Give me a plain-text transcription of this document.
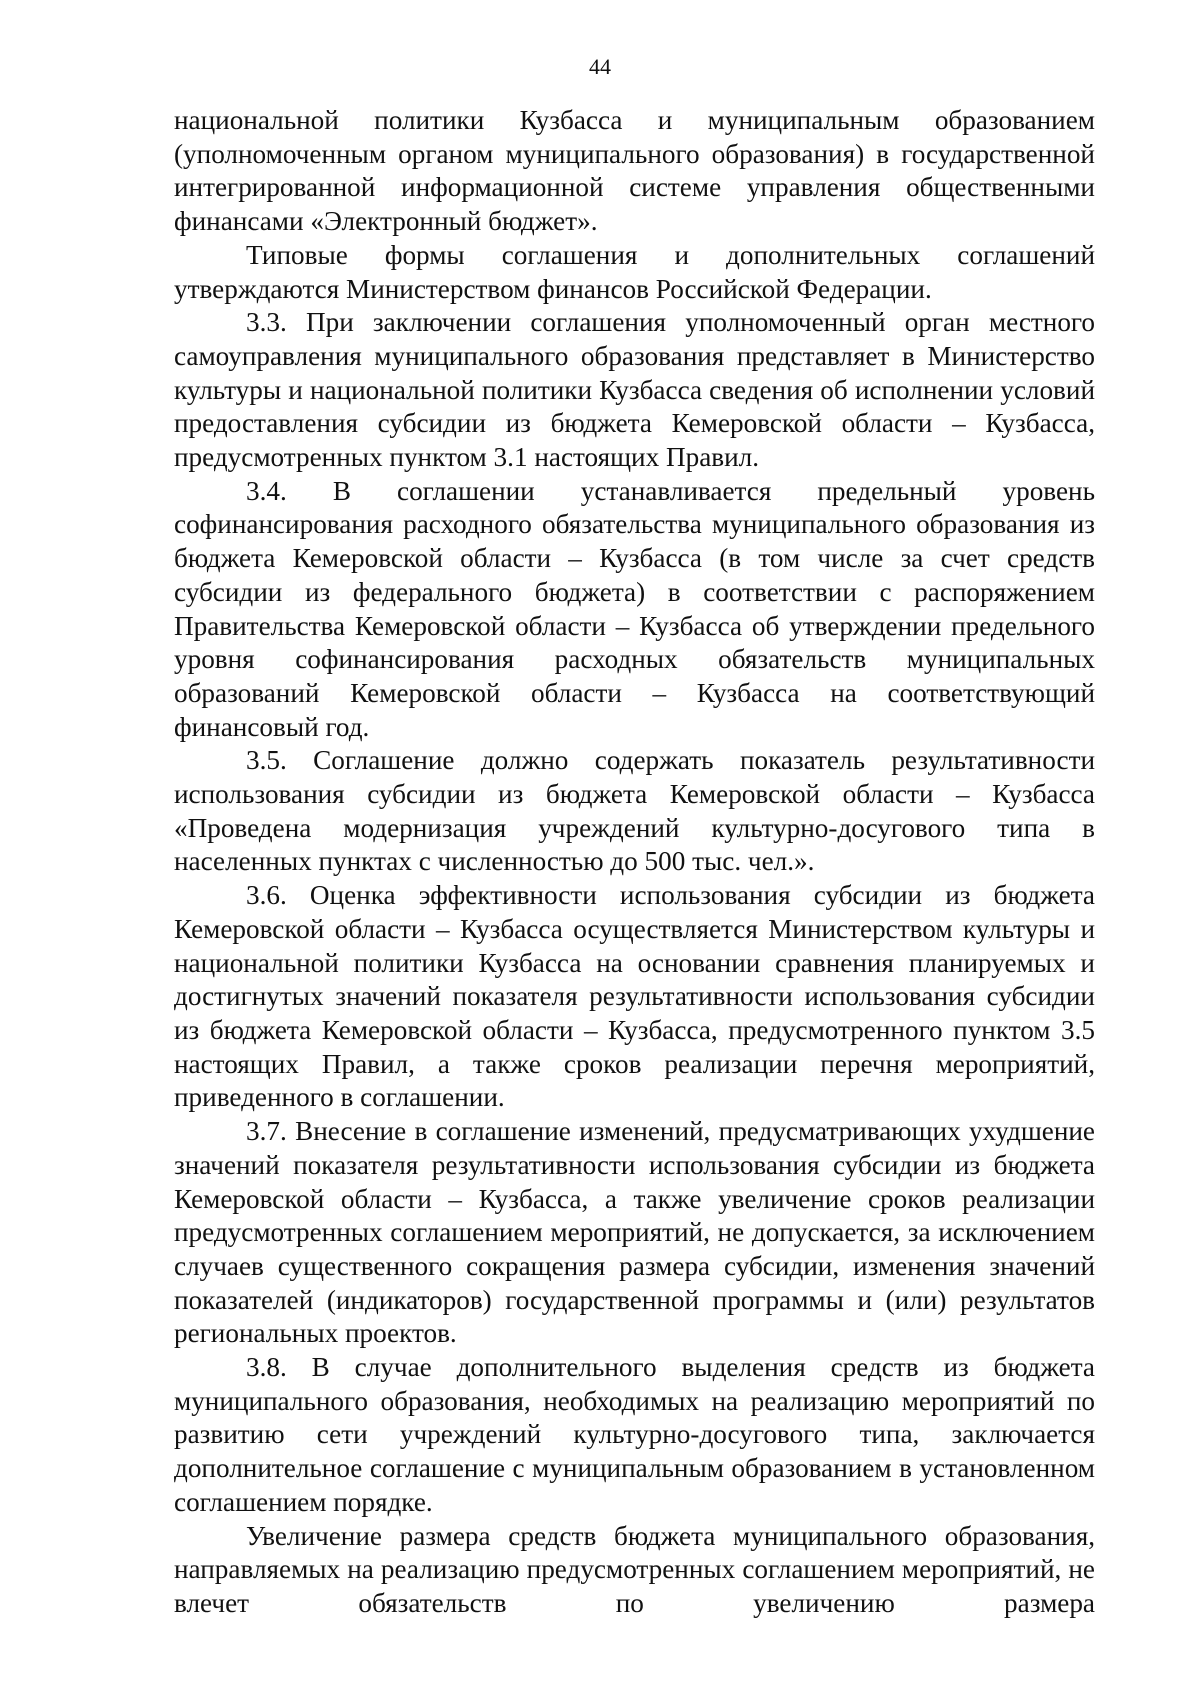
44

национальной политики Кузбасса и муниципальным образованием (уполномоченным органом муниципального образования) в государственной интегрированной информационной системе управления общественными финансами «Электронный бюджет».

Типовые формы соглашения и дополнительных соглашений утверждаются Министерством финансов Российской Федерации.

3.3. При заключении соглашения уполномоченный орган местного самоуправления муниципального образования представляет в Министерство культуры и национальной политики Кузбасса сведения об исполнении условий предоставления субсидии из бюджета Кемеровской области – Кузбасса, предусмотренных пунктом 3.1 настоящих Правил.

3.4. В соглашении устанавливается предельный уровень софинансирования расходного обязательства муниципального образования из бюджета Кемеровской области – Кузбасса (в том числе за счет средств субсидии из федерального бюджета) в соответствии с распоряжением Правительства Кемеровской области – Кузбасса об утверждении предельного уровня софинансирования расходных обязательств муниципальных образований Кемеровской области – Кузбасса на соответствующий финансовый год.

3.5. Соглашение должно содержать показатель результативности использования субсидии из бюджета Кемеровской области – Кузбасса «Проведена модернизация учреждений культурно-досугового типа в населенных пунктах с численностью до 500 тыс. чел.».

3.6. Оценка эффективности использования субсидии из бюджета Кемеровской области – Кузбасса осуществляется Министерством культуры и национальной политики Кузбасса на основании сравнения планируемых и достигнутых значений показателя результативности использования субсидии из бюджета Кемеровской области – Кузбасса, предусмотренного пунктом 3.5 настоящих Правил, а также сроков реализации перечня мероприятий, приведенного в соглашении.

3.7. Внесение в соглашение изменений, предусматривающих ухудшение значений показателя результативности использования субсидии из бюджета Кемеровской области – Кузбасса, а также увеличение сроков реализации предусмотренных соглашением мероприятий, не допускается, за исключением случаев существенного сокращения размера субсидии, изменения значений показателей (индикаторов) государственной программы и (или) результатов региональных проектов.

3.8. В случае дополнительного выделения средств из бюджета муниципального образования, необходимых на реализацию мероприятий по развитию сети учреждений культурно-досугового типа, заключается дополнительное соглашение с муниципальным образованием в установленном соглашением порядке.

Увеличение размера средств бюджета муниципального образования, направляемых на реализацию предусмотренных соглашением мероприятий, не влечет обязательств по увеличению размера
